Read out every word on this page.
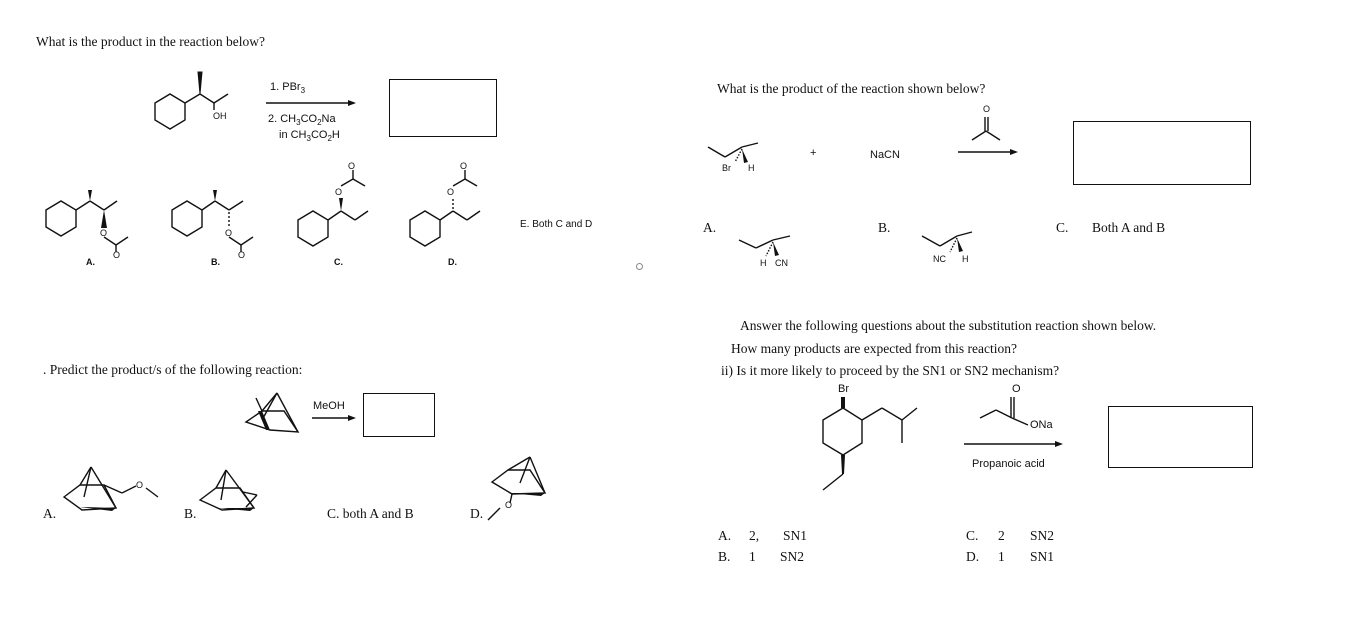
What is the product in the reaction below?
OH
1. PBr$_3$
2. $CH_3CO_2Na$
in $CH_3CO_2H$
O
O
A.
O
O
B.
O
O
C.
O
O
D.
E. Both C and D
What is the product of the reaction shown below?
Br H
+	NaCN
O
A.
H CN
B.
NC H
C. Both A and B
. Predict the product/s of the following reaction:
MeOH
A.
O
B.	C. both A and B	D.
O
Answer the following questions about the substitution reaction shown below.
How many products are expected from this reaction?
ii) Is it more likely to proceed by the SN1 or SN2 mechanism?
Br	O
ONa
Propanoic acid
A. 2, SN1
B. 1 SN2
C. 2 SN2
D. 1 SN1
